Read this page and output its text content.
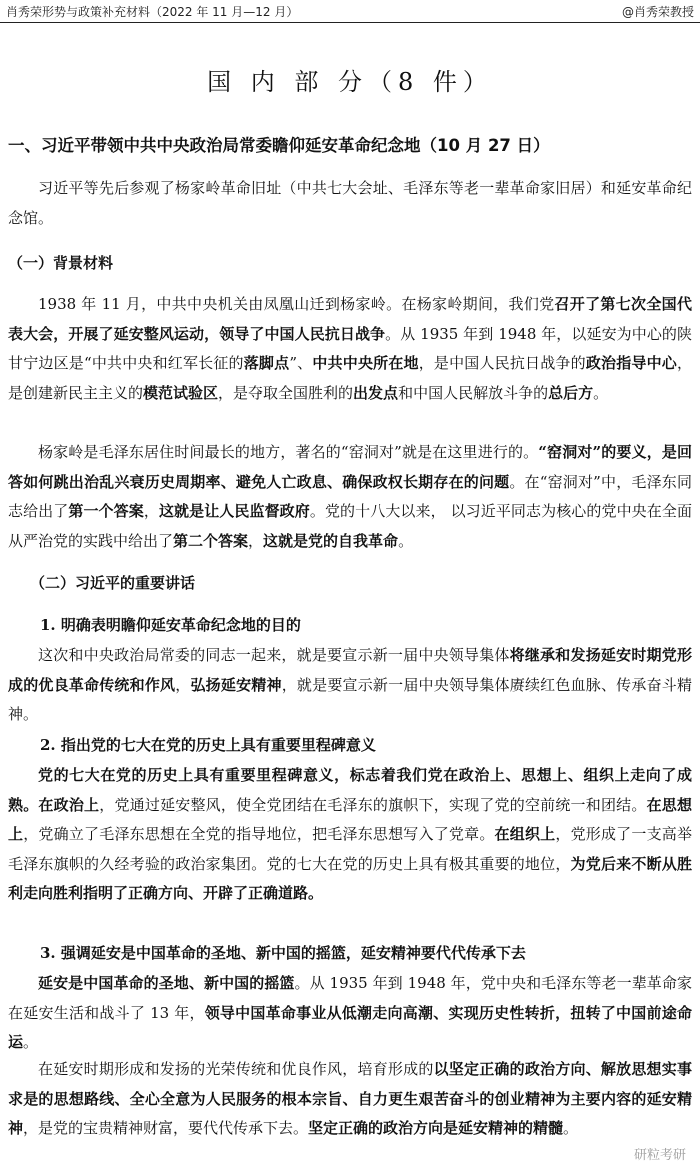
肖秀荣形势与政策补充材料（2022 年 11 月—12 月）	@肖秀荣教授
国 内 部 分（8 件）
一、习近平带领中共中央政治局常委瞻仰延安革命纪念地（10 月 27 日）

习近平等先后参观了杨家岭革命旧址（中共七大会址、毛泽东等老一辈革命家旧居）和延安革命纪念馆。

（一）背景材料

1938 年 11 月，中共中央机关由凤凰山迁到杨家岭。在杨家岭期间，我们党召开了第七次全国代表大会，开展了延安整风运动，领导了中国人民抗日战争。从 1935 年到 1948 年，以延安为中心的陕甘宁边区是“中共中央和红军长征的落脚点”、中共中央所在地，是中国人民抗日战争的政治指导中心，是创建新民主主义的模范试验区，是夺取全国胜利的出发点和中国人民解放斗争的总后方。

杨家岭是毛泽东居住时间最长的地方，著名的“窑洞对”就是在这里进行的。“窑洞对”的要义，是回答如何跳出治乱兴衰历史周期率、避免人亡政息、确保政权长期存在的问题。在“窑洞对”中，毛泽东同志给出了第一个答案，这就是让人民监督政府。党的十八大以来， 以习近平同志为核心的党中央在全面从严治党的实践中给出了第二个答案，这就是党的自我革命。

（二）习近平的重要讲话
1. 明确表明瞻仰延安革命纪念地的目的

这次和中央政治局常委的同志一起来，就是要宣示新一届中央领导集体将继承和发扬延安时期党形成的优良革命传统和作风，弘扬延安精神，就是要宣示新一届中央领导集体赓续红色血脉、传承奋斗精神。

2. 指出党的七大在党的历史上具有重要里程碑意义

党的七大在党的历史上具有重要里程碑意义，标志着我们党在政治上、思想上、组织上走向了成熟。在政治上，党通过延安整风，使全党团结在毛泽东的旗帜下，实现了党的空前统一和团结。在思想上，党确立了毛泽东思想在全党的指导地位，把毛泽东思想写入了党章。在组织上，党形成了一支高举毛泽东旗帜的久经考验的政治家集团。党的七大在党的历史上具有极其重要的地位，为党后来不断从胜利走向胜利指明了正确方向、开辟了正确道路。

3. 强调延安是中国革命的圣地、新中国的摇篮，延安精神要代代传承下去

延安是中国革命的圣地、新中国的摇篮。从 1935 年到 1948 年，党中央和毛泽东等老一辈革命家在延安生活和战斗了 13 年，领导中国革命事业从低潮走向高潮、实现历史性转折，扭转了中国前途命运。

在延安时期形成和发扬的光荣传统和优良作风，培育形成的以坚定正确的政治方向、解放思想实事求是的思想路线、全心全意为人民服务的根本宗旨、自力更生艰苦奋斗的创业精神为主要内容的延安精神，是党的宝贵精神财富，要代代传承下去。坚定正确的政治方向是延安精神的精髓。

研粒考研
